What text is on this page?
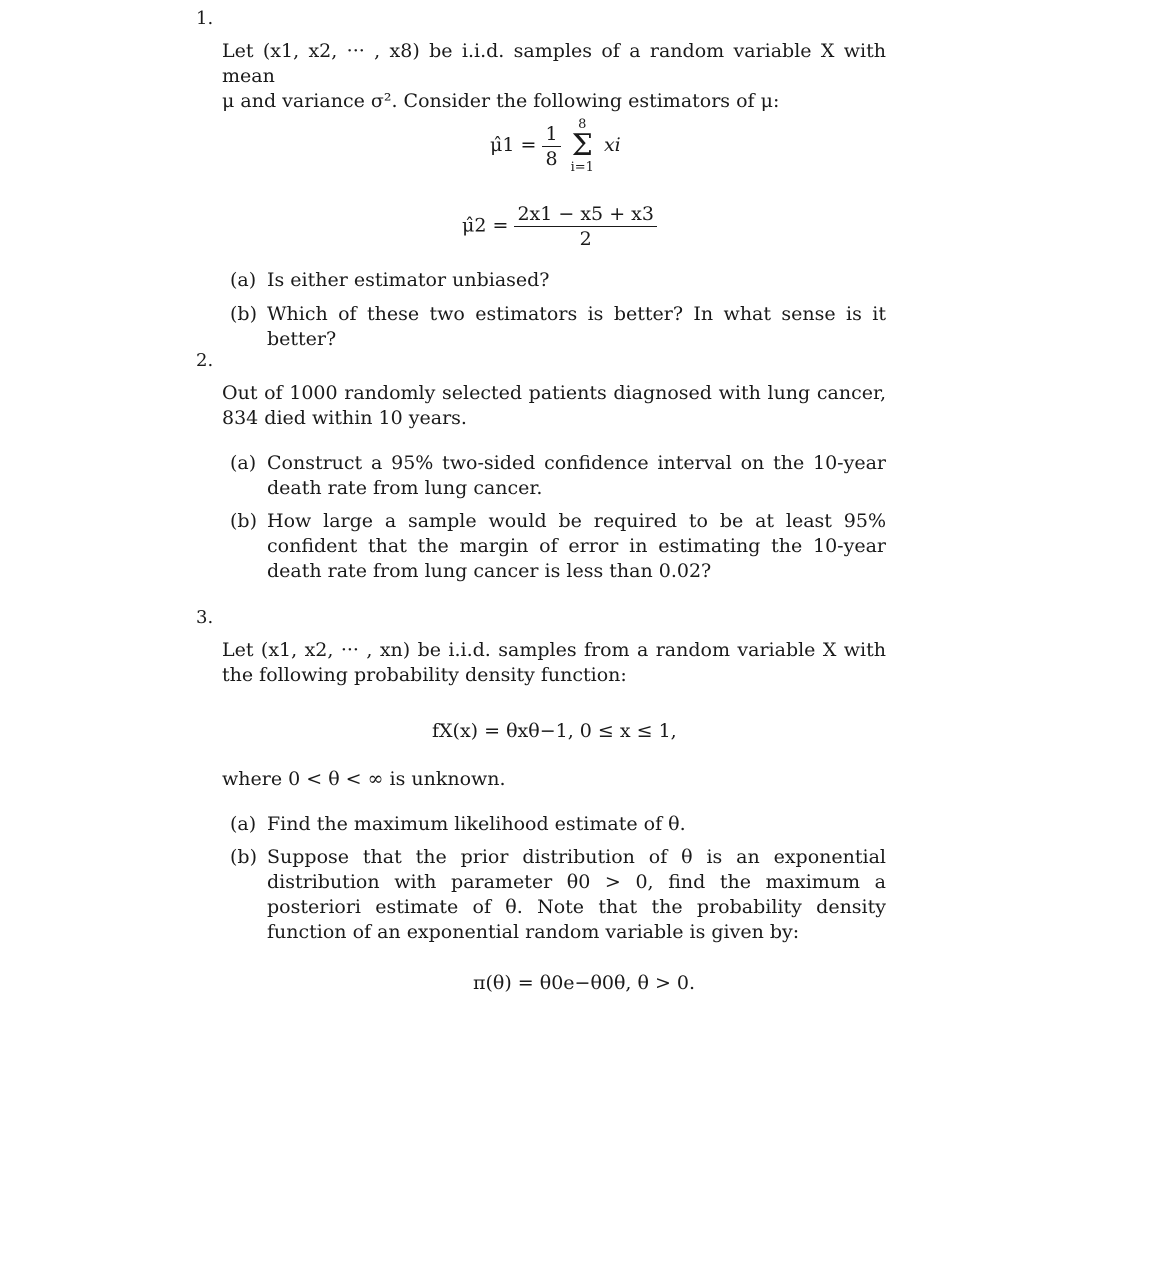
1.
Let (x1, x2, ··· , x8) be i.i.d. samples of a random variable X with mean
μ and variance σ². Consider the following estimators of μ:
μ̂1 = $\frac{1}{8}$
	8
Σ
i=1
xi
μ̂2 = $\frac{2x1 - x5 + x3}{2}$
(a) Is either estimator unbiased?
(b) Which of these two estimators is better? In what sense is it better?
2.
Out of 1000 randomly selected patients diagnosed with lung cancer, 834 died within 10 years.
(a) Construct a 95% two-sided confidence interval on the 10-year death rate from lung cancer.
(b) How large a sample would be required to be at least 95% confident that the margin of error in estimating the 10-year death rate from lung cancer is less than 0.02?
3.
Let (x1, x2, ··· , xn) be i.i.d. samples from a random variable X with the following probability density function:
fX(x) = θxθ−1, 0 ≤ x ≤ 1,
where 0 < θ < ∞ is unknown.
(a) Find the maximum likelihood estimate of θ.
(b) Suppose that the prior distribution of θ is an exponential distribution with parameter θ0 > 0, find the maximum a posteriori estimate of θ. Note that the probability density function of an exponential random variable is given by:
π(θ) = θ0e−θ0θ, θ > 0.
